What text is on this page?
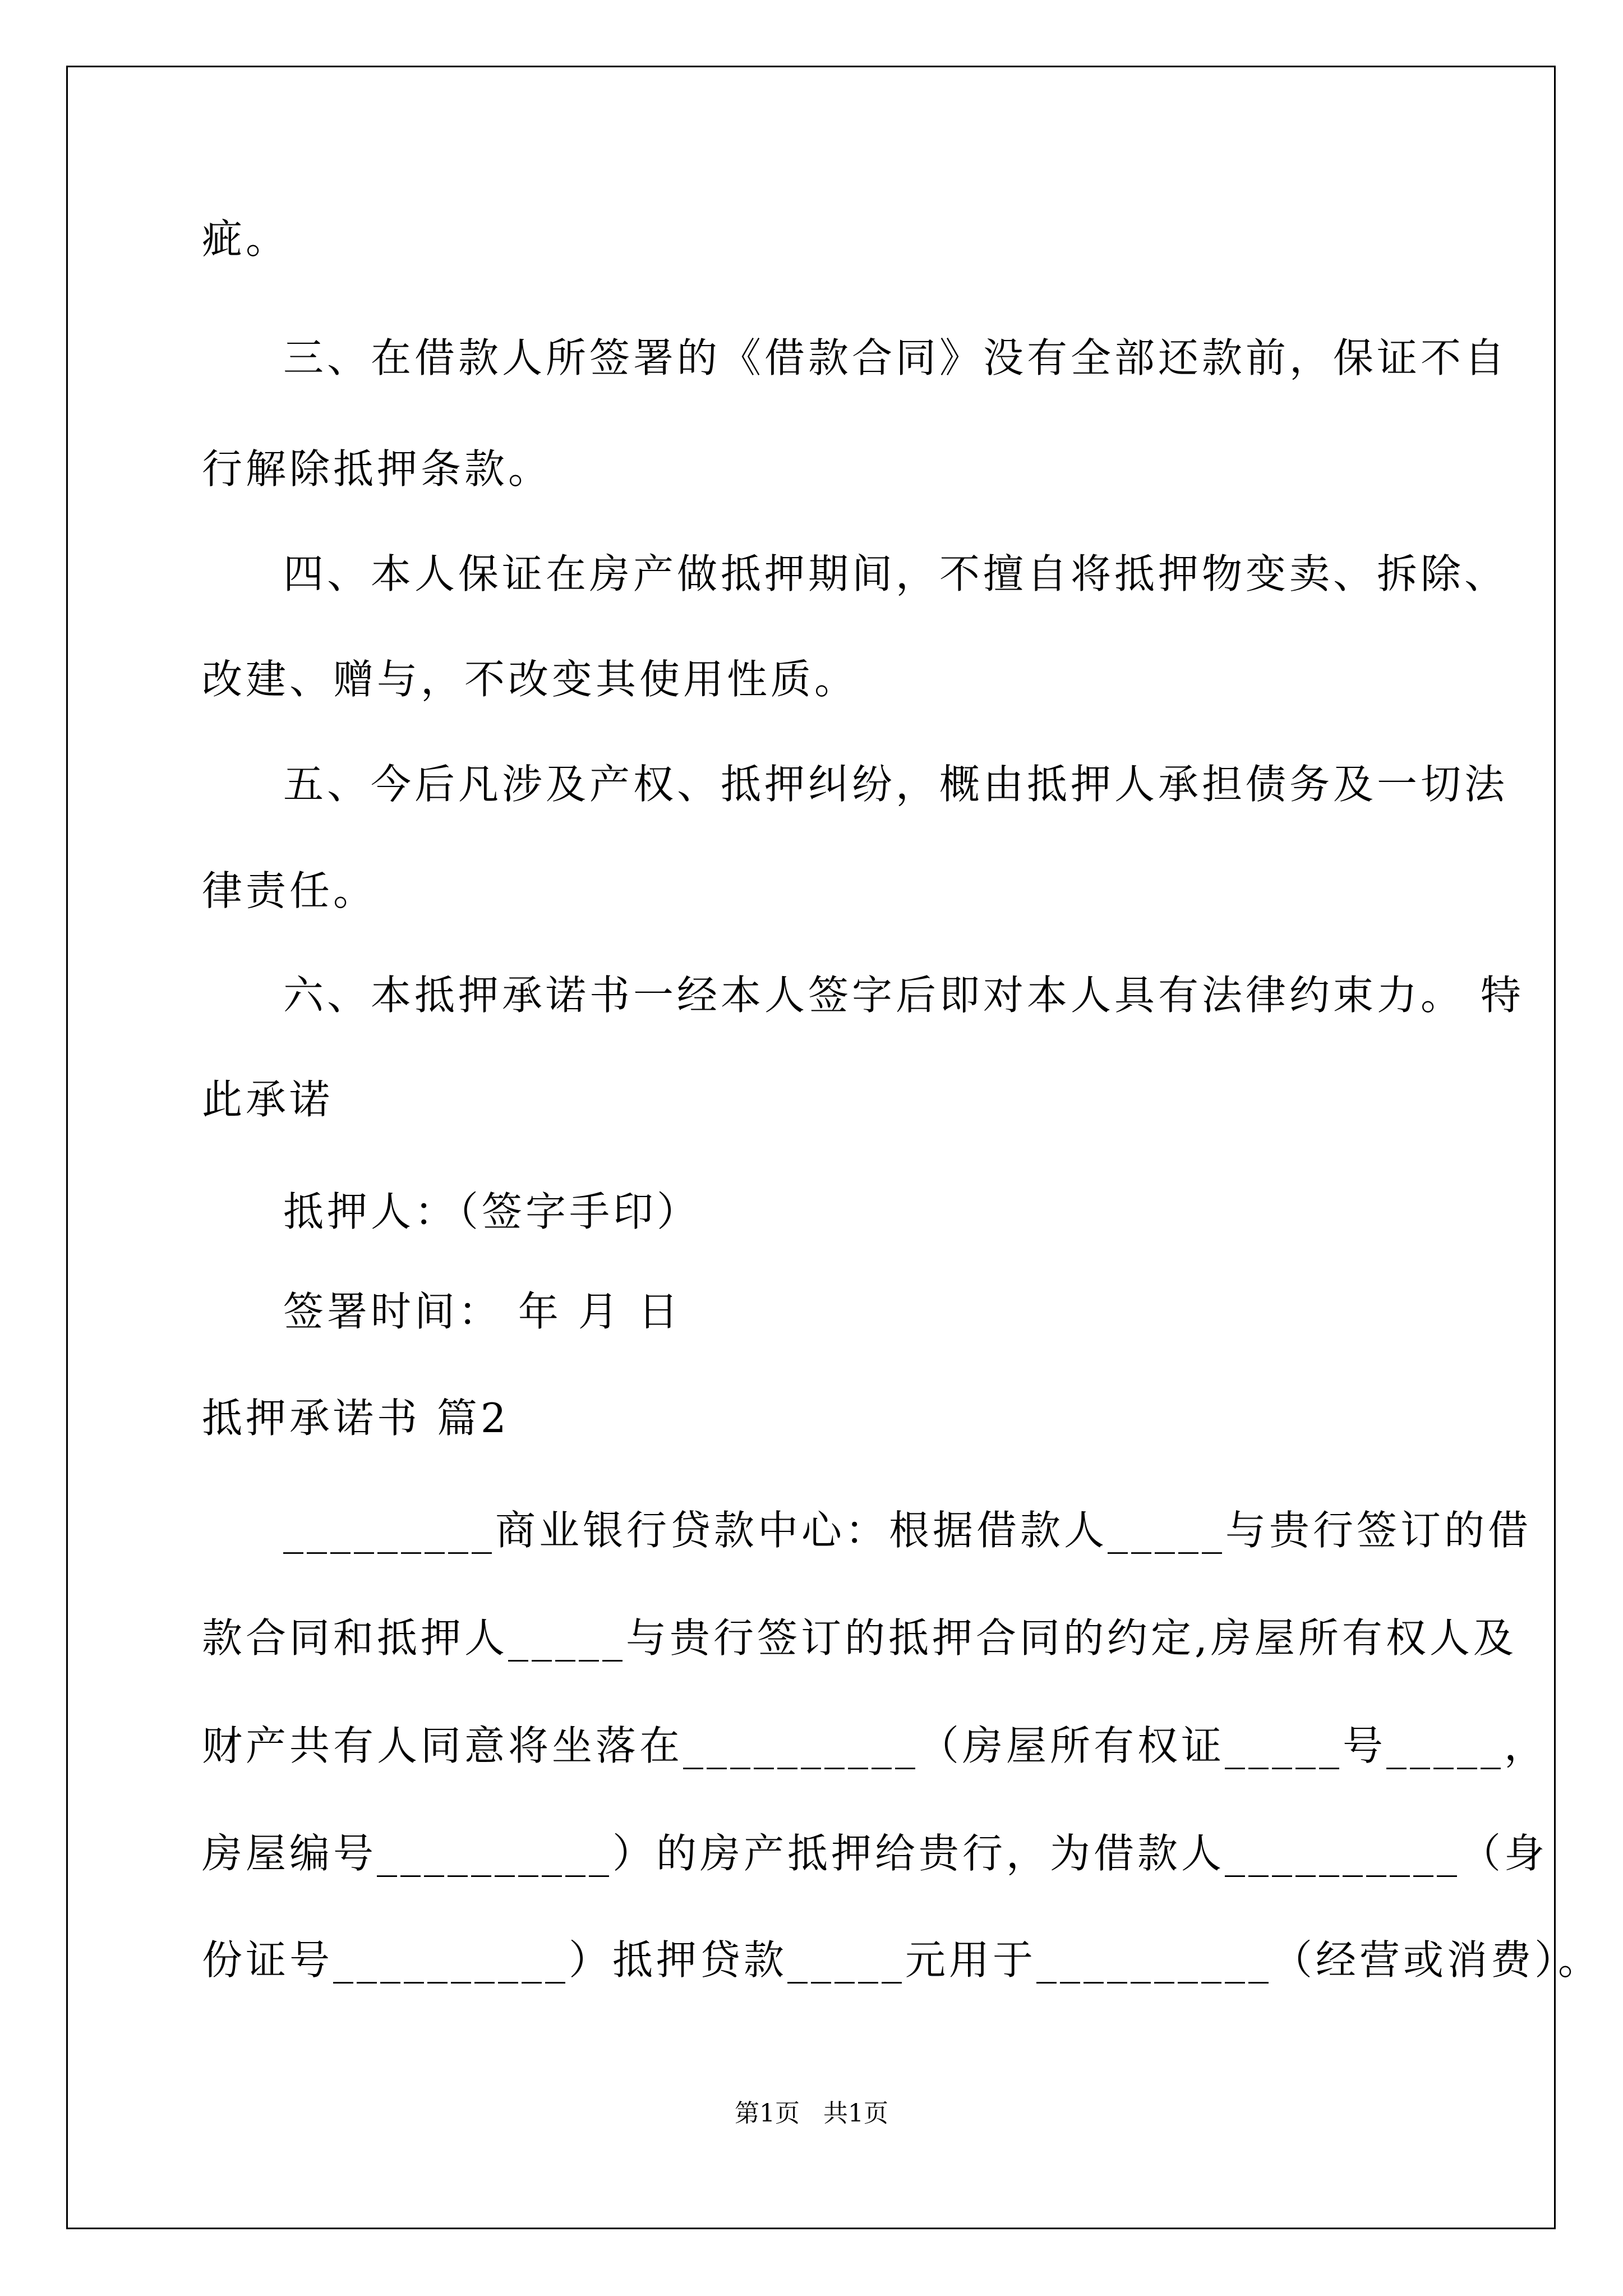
疵。

三、在借款人所签署的《借款合同》没有全部还款前，保证不自

行解除抵押条款。

四、本人保证在房产做抵押期间，不擅自将抵押物变卖、拆除、

改建、赠与，不改变其使用性质。

五、今后凡涉及产权、抵押纠纷，概由抵押人承担债务及一切法

律责任。

六、本抵押承诺书一经本人签字后即对本人具有法律约束力。 特

此承诺

抵押人：（签字手印）

签署时间： 年 月 日

抵押承诺书 篇2

_________商业银行贷款中心：根据借款人_____与贵行签订的借

款合同和抵押人_____与贵行签订的抵押合同的约定,房屋所有权人及

财产共有人同意将坐落在__________（房屋所有权证_____号_____，

房屋编号__________）的房产抵押给贵行，为借款人__________（身

份证号__________）抵押贷款_____元用于__________（经营或消费）。

第1页   共1页
